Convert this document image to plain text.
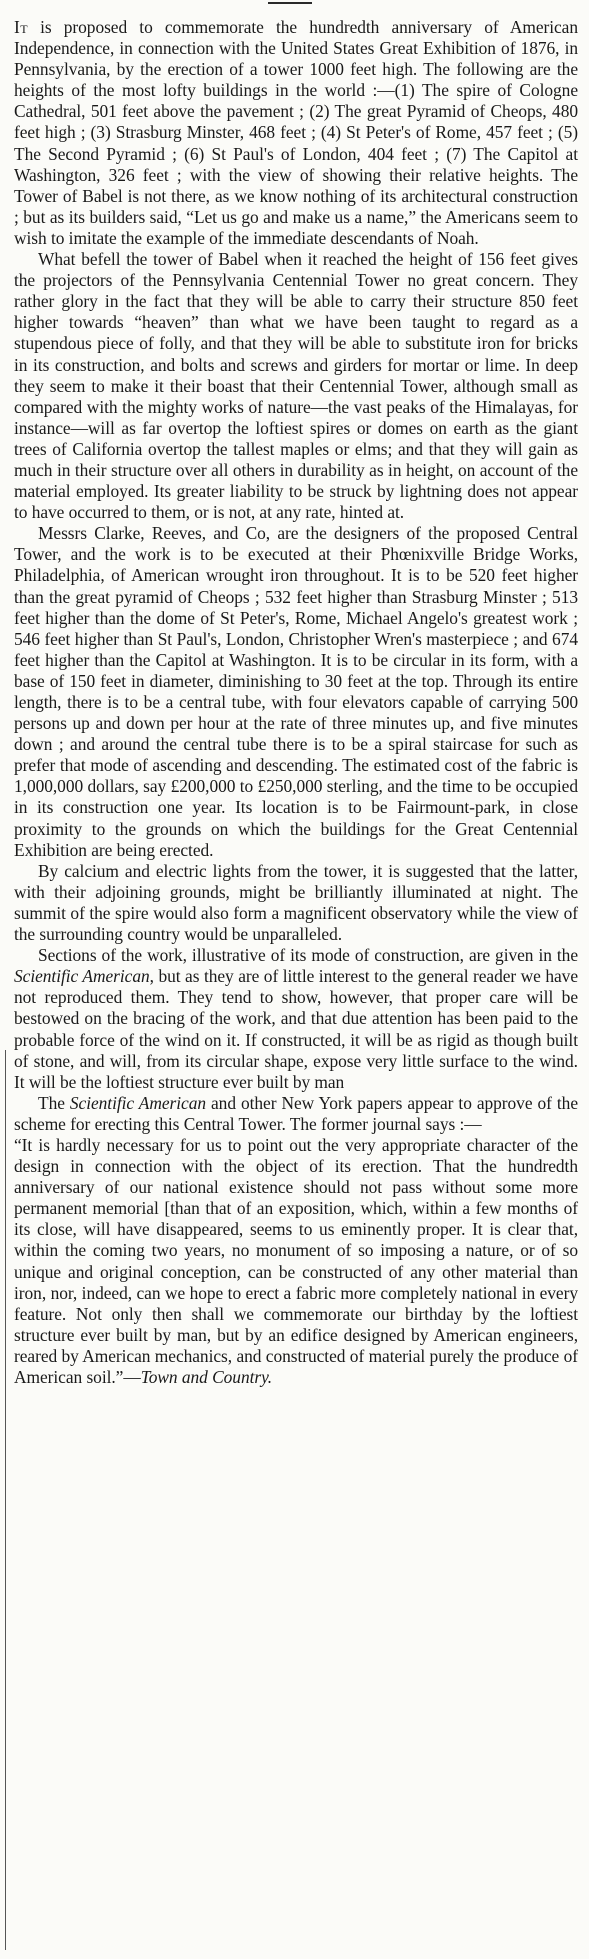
It is proposed to commemorate the hundredth anniversary of American Independence, in connection with the United States Great Exhibition of 1876, in Pennsylvania, by the erection of a tower 1000 feet high. The following are the heights of the most lofty buildings in the world :—(1) The spire of Cologne Cathedral, 501 feet above the pavement ; (2) The great Pyramid of Cheops, 480 feet high ; (3) Strasburg Minster, 468 feet ; (4) St Peter's of Rome, 457 feet ; (5) The Second Pyramid ; (6) St Paul's of London, 404 feet ; (7) The Capitol at Washington, 326 feet ; with the view of showing their relative heights. The Tower of Babel is not there, as we know nothing of its architectural construction ; but as its builders said, “Let us go and make us a name,” the Americans seem to wish to imitate the example of the immediate descendants of Noah.

What befell the tower of Babel when it reached the height of 156 feet gives the projectors of the Pennsylvania Centennial Tower no great concern. They rather glory in the fact that they will be able to carry their structure 850 feet higher towards “heaven” than what we have been taught to regard as a stupendous piece of folly, and that they will be able to substitute iron for bricks in its construction, and bolts and screws and girders for mortar or lime. In deep they seem to make it their boast that their Centennial Tower, although small as compared with the mighty works of nature—the vast peaks of the Himalayas, for instance—will as far overtop the loftiest spires or domes on earth as the giant trees of California overtop the tallest maples or elms; and that they will gain as much in their structure over all others in durability as in height, on account of the material employed. Its greater liability to be struck by lightning does not appear to have occurred to them, or is not, at any rate, hinted at.

Messrs Clarke, Reeves, and Co, are the designers of the proposed Central Tower, and the work is to be executed at their Phœnixville Bridge Works, Philadelphia, of American wrought iron throughout. It is to be 520 feet higher than the great pyramid of Cheops ; 532 feet higher than Strasburg Minster ; 513 feet higher than the dome of St Peter's, Rome, Michael Angelo's greatest work ; 546 feet higher than St Paul's, London, Christopher Wren's masterpiece ; and 674 feet higher than the Capitol at Washington. It is to be circular in its form, with a base of 150 feet in diameter, diminishing to 30 feet at the top. Through its entire length, there is to be a central tube, with four elevators capable of carrying 500 persons up and down per hour at the rate of three minutes up, and five minutes down ; and around the central tube there is to be a spiral staircase for such as prefer that mode of ascending and descending. The estimated cost of the fabric is 1,000,000 dollars, say £200,000 to £250,000 sterling, and the time to be occupied in its construction one year. Its location is to be Fairmount-park, in close proximity to the grounds on which the buildings for the Great Centennial Exhibition are being erected.

By calcium and electric lights from the tower, it is suggested that the latter, with their adjoining grounds, might be brilliantly illuminated at night. The summit of the spire would also form a magnificent observatory while the view of the surrounding country would be unparalleled.

Sections of the work, illustrative of its mode of construction, are given in the Scientific American, but as they are of little interest to the general reader we have not reproduced them. They tend to show, however, that proper care will be bestowed on the bracing of the work, and that due attention has been paid to the probable force of the wind on it. If constructed, it will be as rigid as though built of stone, and will, from its circular shape, expose very little surface to the wind. It will be the loftiest structure ever built by man

The Scientific American and other New York papers appear to approve of the scheme for erecting this Central Tower. The former journal says :—

“It is hardly necessary for us to point out the very appropriate character of the design in connection with the object of its erection. That the hundredth anniversary of our national existence should not pass without some more permanent memorial [than that of an exposition, which, within a few months of its close, will have disappeared, seems to us eminently proper. It is clear that, within the coming two years, no monument of so imposing a nature, or of so unique and original conception, can be constructed of any other material than iron, nor, indeed, can we hope to erect a fabric more completely national in every feature. Not only then shall we commemorate our birthday by the loftiest structure ever built by man, but by an edifice designed by American engineers, reared by American mechanics, and constructed of material purely the produce of American soil.”—Town and Country.
